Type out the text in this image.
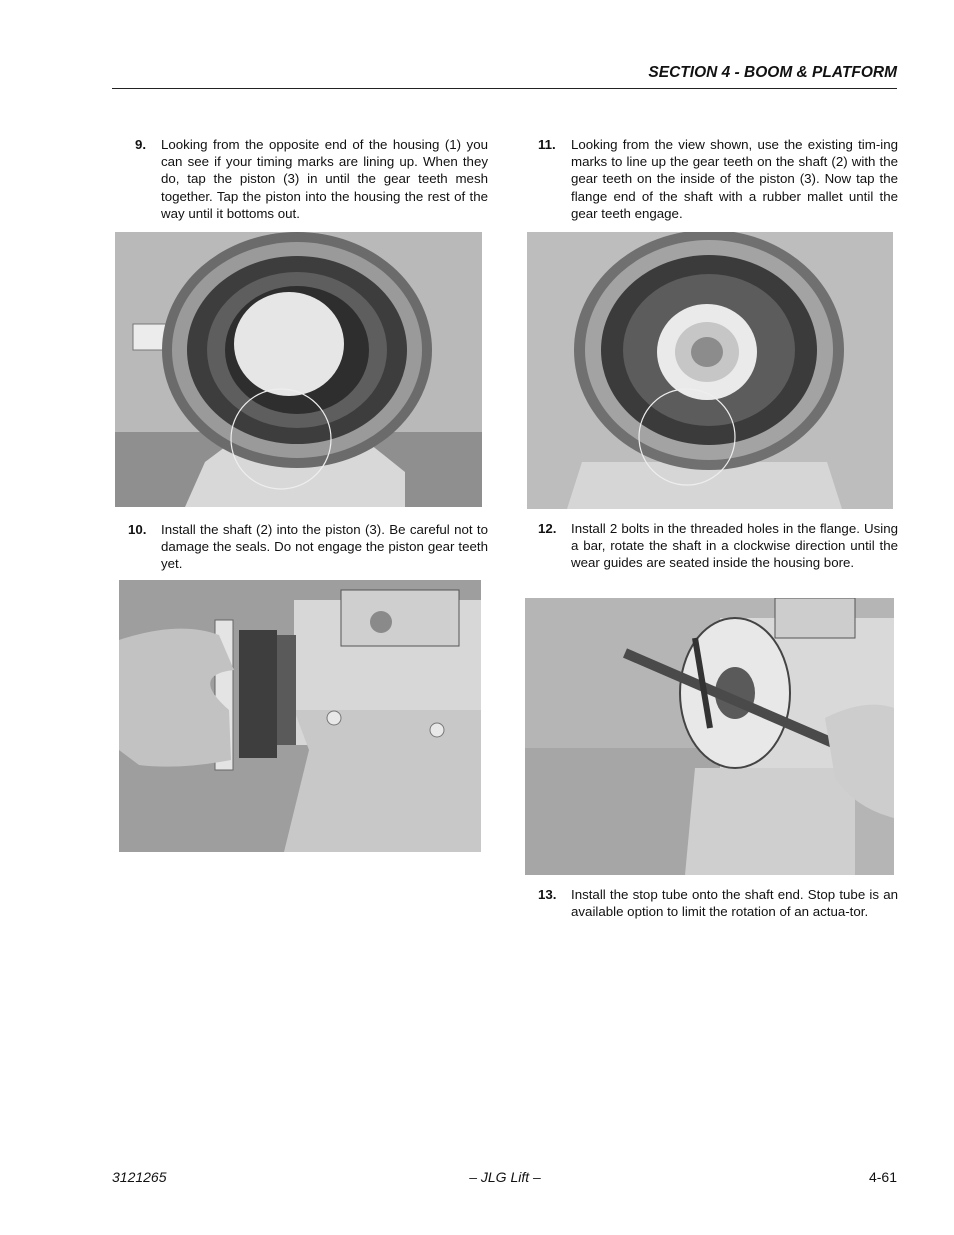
SECTION 4 - BOOM & PLATFORM
9. Looking from the opposite end of the housing (1) you can see if your timing marks are lining up. When they do, tap the piston (3) in until the gear teeth mesh together. Tap the piston into the housing the rest of the way until it bottoms out.
10. Install the shaft (2) into the piston (3). Be careful not to damage the seals. Do not engage the piston gear teeth yet.
11. Looking from the view shown, use the existing tim-ing marks to line up the gear teeth on the shaft (2) with the gear teeth on the inside of the piston (3). Now tap the flange end of the shaft with a rubber mallet until the gear teeth engage.
12. Install 2 bolts in the threaded holes in the flange. Using a bar, rotate the shaft in a clockwise direction until the wear guides are seated inside the housing bore.
13. Install the stop tube onto the shaft end. Stop tube is an available option to limit the rotation of an actua-tor.
3121265	– JLG Lift –	4-61
